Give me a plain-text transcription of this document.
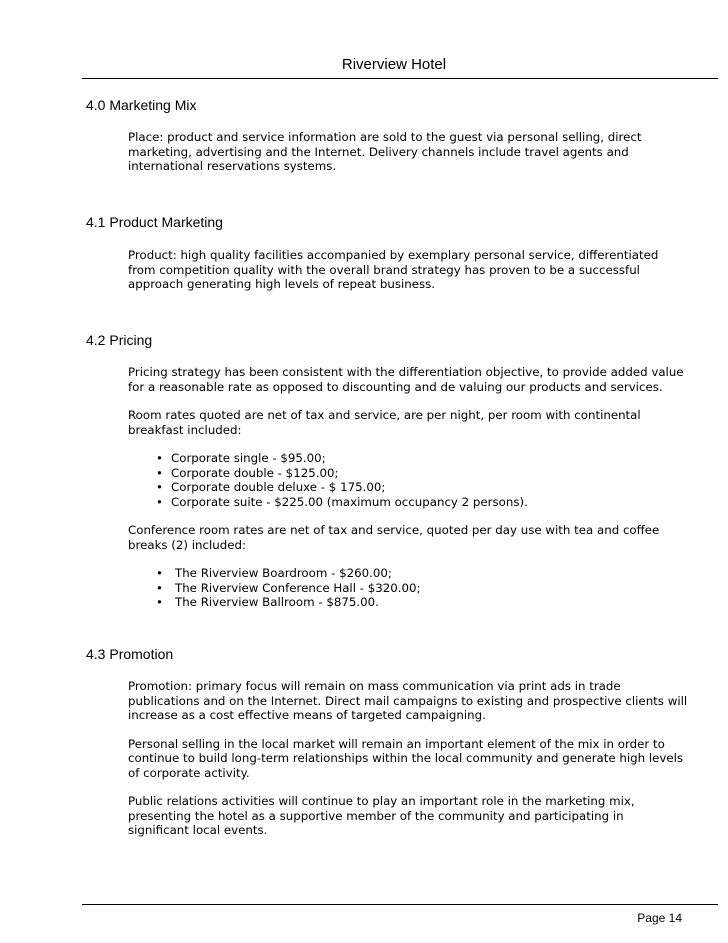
Riverview Hotel
4.0 Marketing Mix

Place: product and service information are sold to the guest via personal selling, direct marketing, advertising and the Internet. Delivery channels include travel agents and international reservations systems.

4.1 Product Marketing

Product: high quality facilities accompanied by exemplary personal service, differentiated from competition quality with the overall brand strategy has proven to be a successful approach generating high levels of repeat business.

4.2 Pricing

Pricing strategy has been consistent with the differentiation objective, to provide added value for a reasonable rate as opposed to discounting and de valuing our products and services.

Room rates quoted are net of tax and service, are per night, per room with continental breakfast included:

• Corporate single - $95.00;
• Corporate double - $125.00;
• Corporate double deluxe - $ 175.00;
• Corporate suite - $225.00 (maximum occupancy 2 persons).

Conference room rates are net of tax and service, quoted per day use with tea and coffee breaks (2) included:

• The Riverview Boardroom - $260.00;
• The Riverview Conference Hall - $320.00;
• The Riverview Ballroom - $875.00.
4.3 Promotion

Promotion: primary focus will remain on mass communication via print ads in trade publications and on the Internet. Direct mail campaigns to existing and prospective clients will increase as a cost effective means of targeted campaigning.

Personal selling in the local market will remain an important element of the mix in order to continue to build long-term relationships within the local community and generate high levels of corporate activity.

Public relations activities will continue to play an important role in the marketing mix, presenting the hotel as a supportive member of the community and participating in significant local events.

Page 14
